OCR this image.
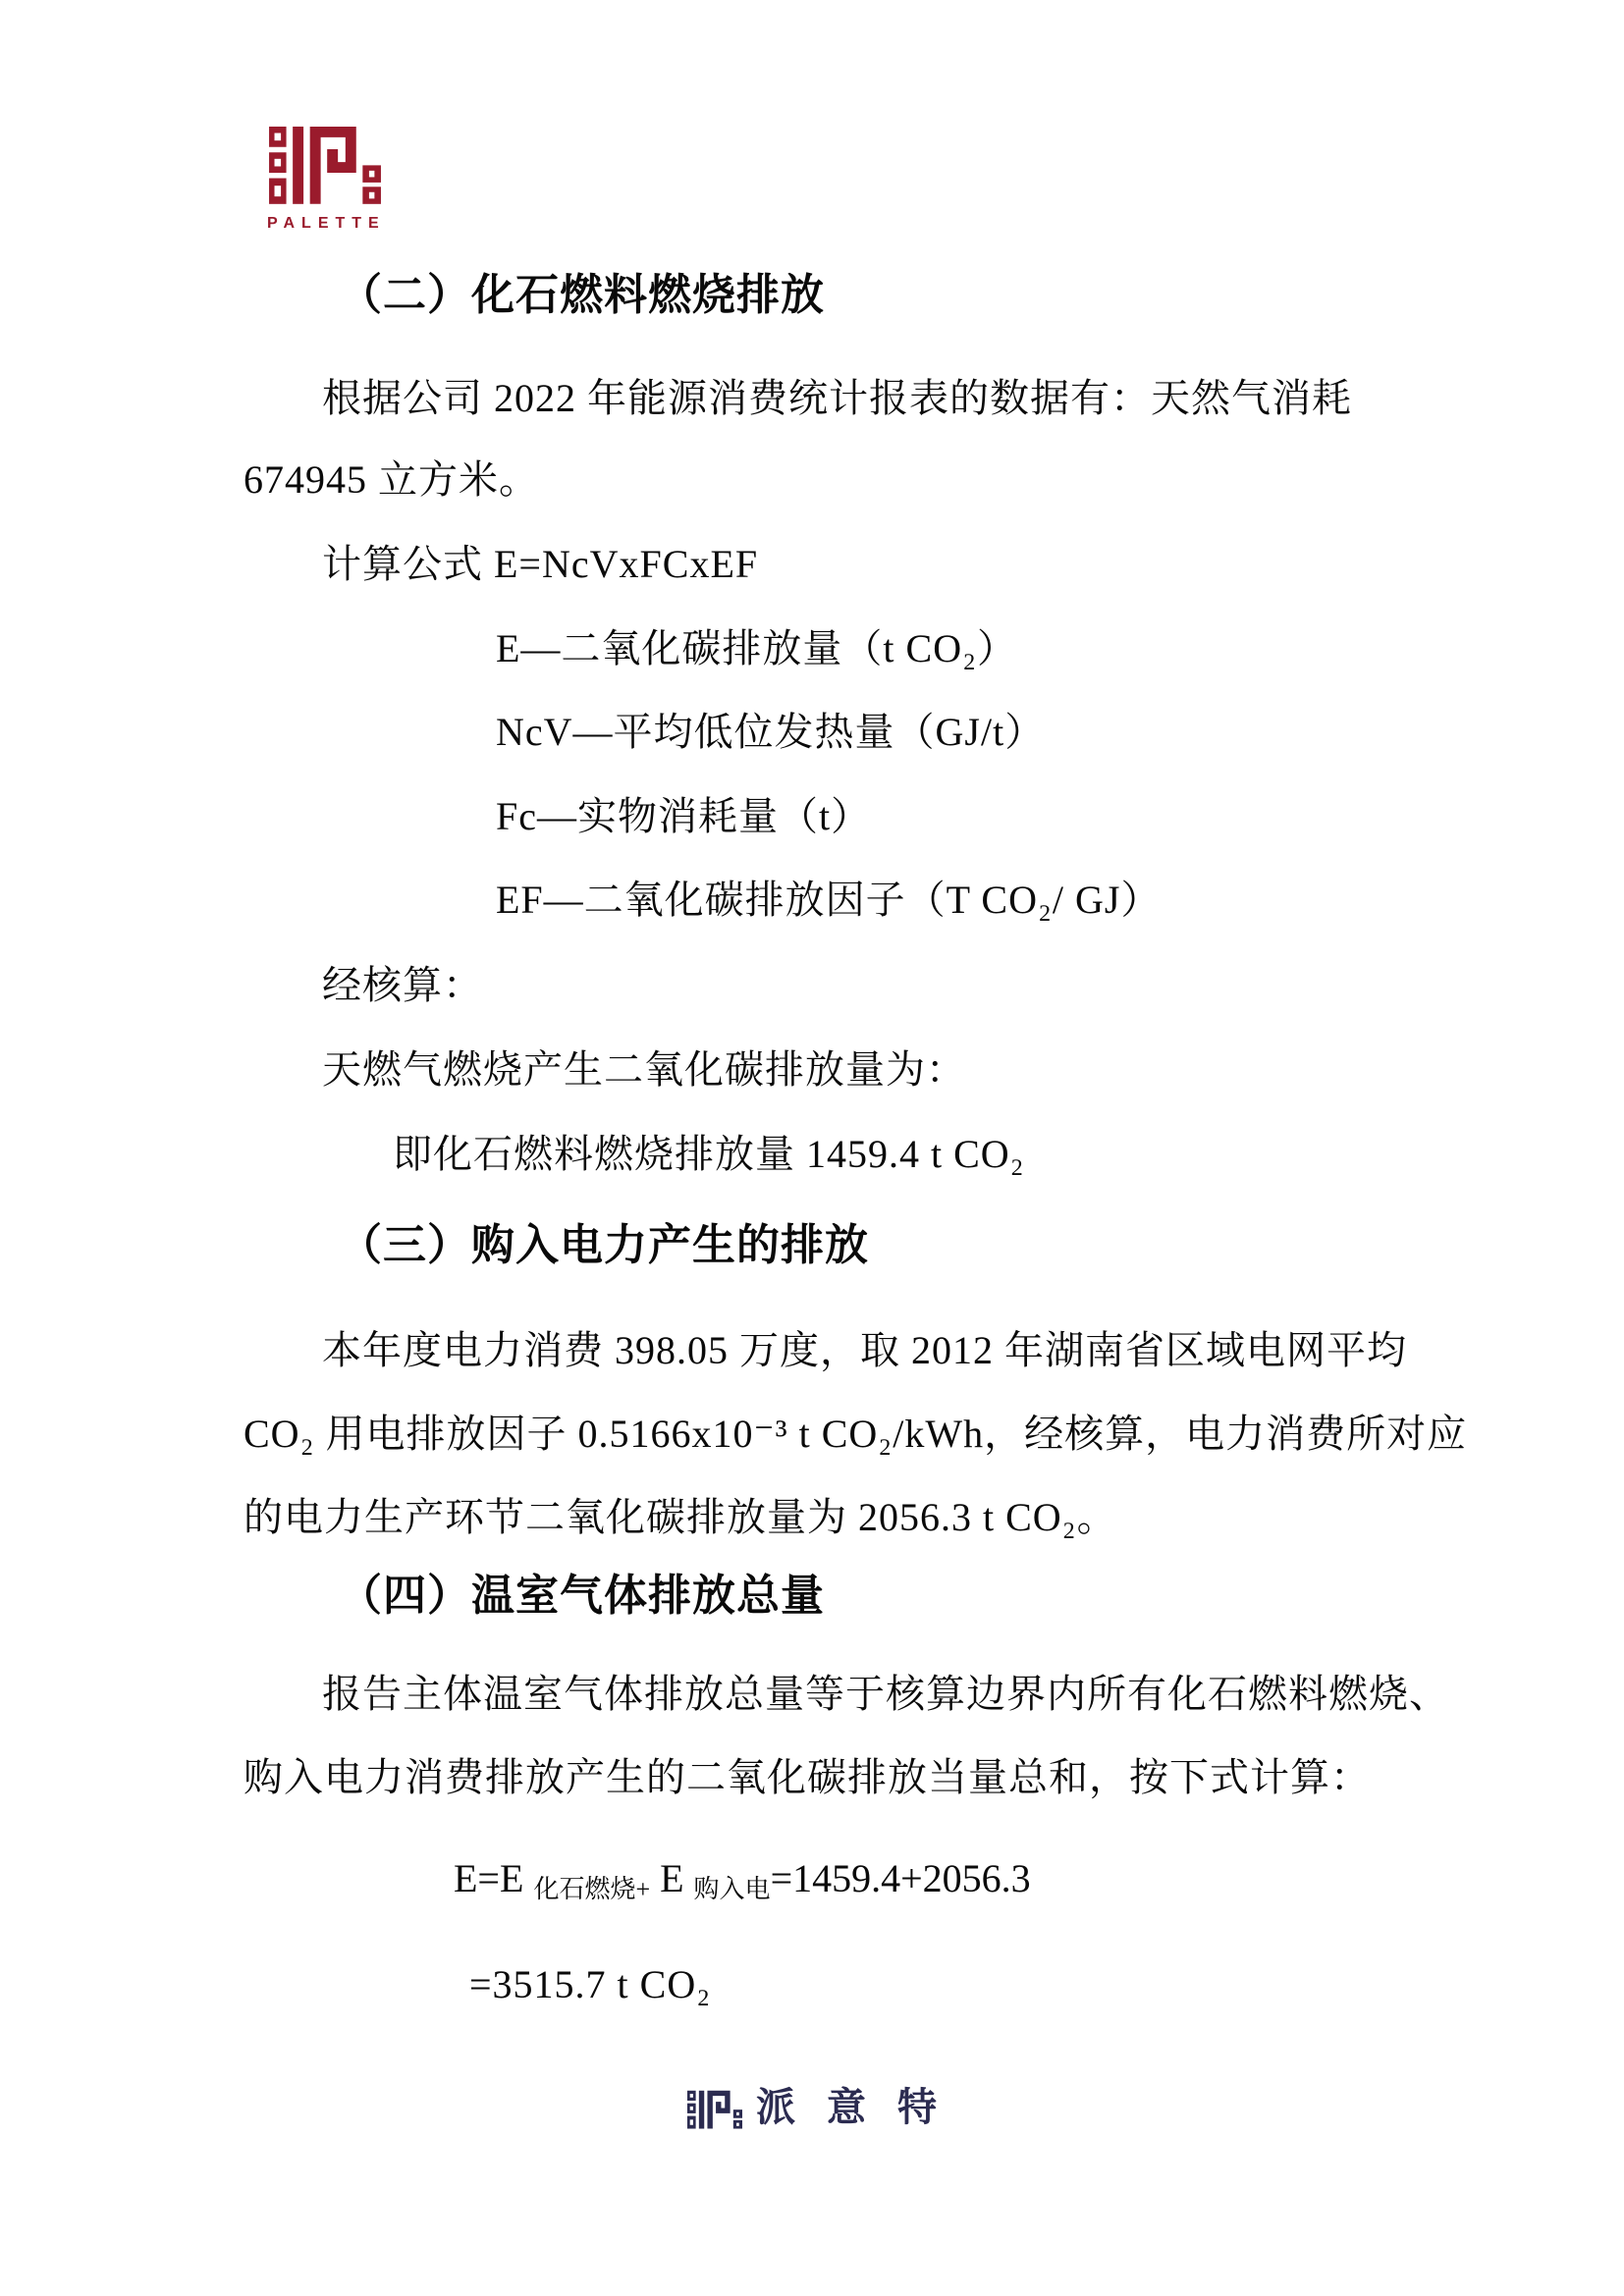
PALETTE
（二）化石燃料燃烧排放
根据公司 2022 年能源消费统计报表的数据有：天然气消耗
674945 立方米。
计算公式 E=NcVxFCxEF
E—二氧化碳排放量（t CO₂）
NcV—平均低位发热量（GJ/t）
Fc—实物消耗量（t）
EF—二氧化碳排放因子（T CO₂/ GJ）
经核算：
天燃气燃烧产生二氧化碳排放量为：
即化石燃料燃烧排放量 1459.4 t CO₂
（三）购入电力产生的排放
本年度电力消费 398.05 万度，取 2012 年湖南省区域电网平均
CO₂ 用电排放因子 0.5166x10⁻³ t CO₂/kWh，经核算，电力消费所对应
的电力生产环节二氧化碳排放量为 2056.3 t CO₂。
（四）温室气体排放总量
报告主体温室气体排放总量等于核算边界内所有化石燃料燃烧、
购入电力消费排放产生的二氧化碳排放当量总和，按下式计算：
E=E 化石燃烧+ E 购入电=1459.4+2056.3
=3515.7 t CO₂
派意特
